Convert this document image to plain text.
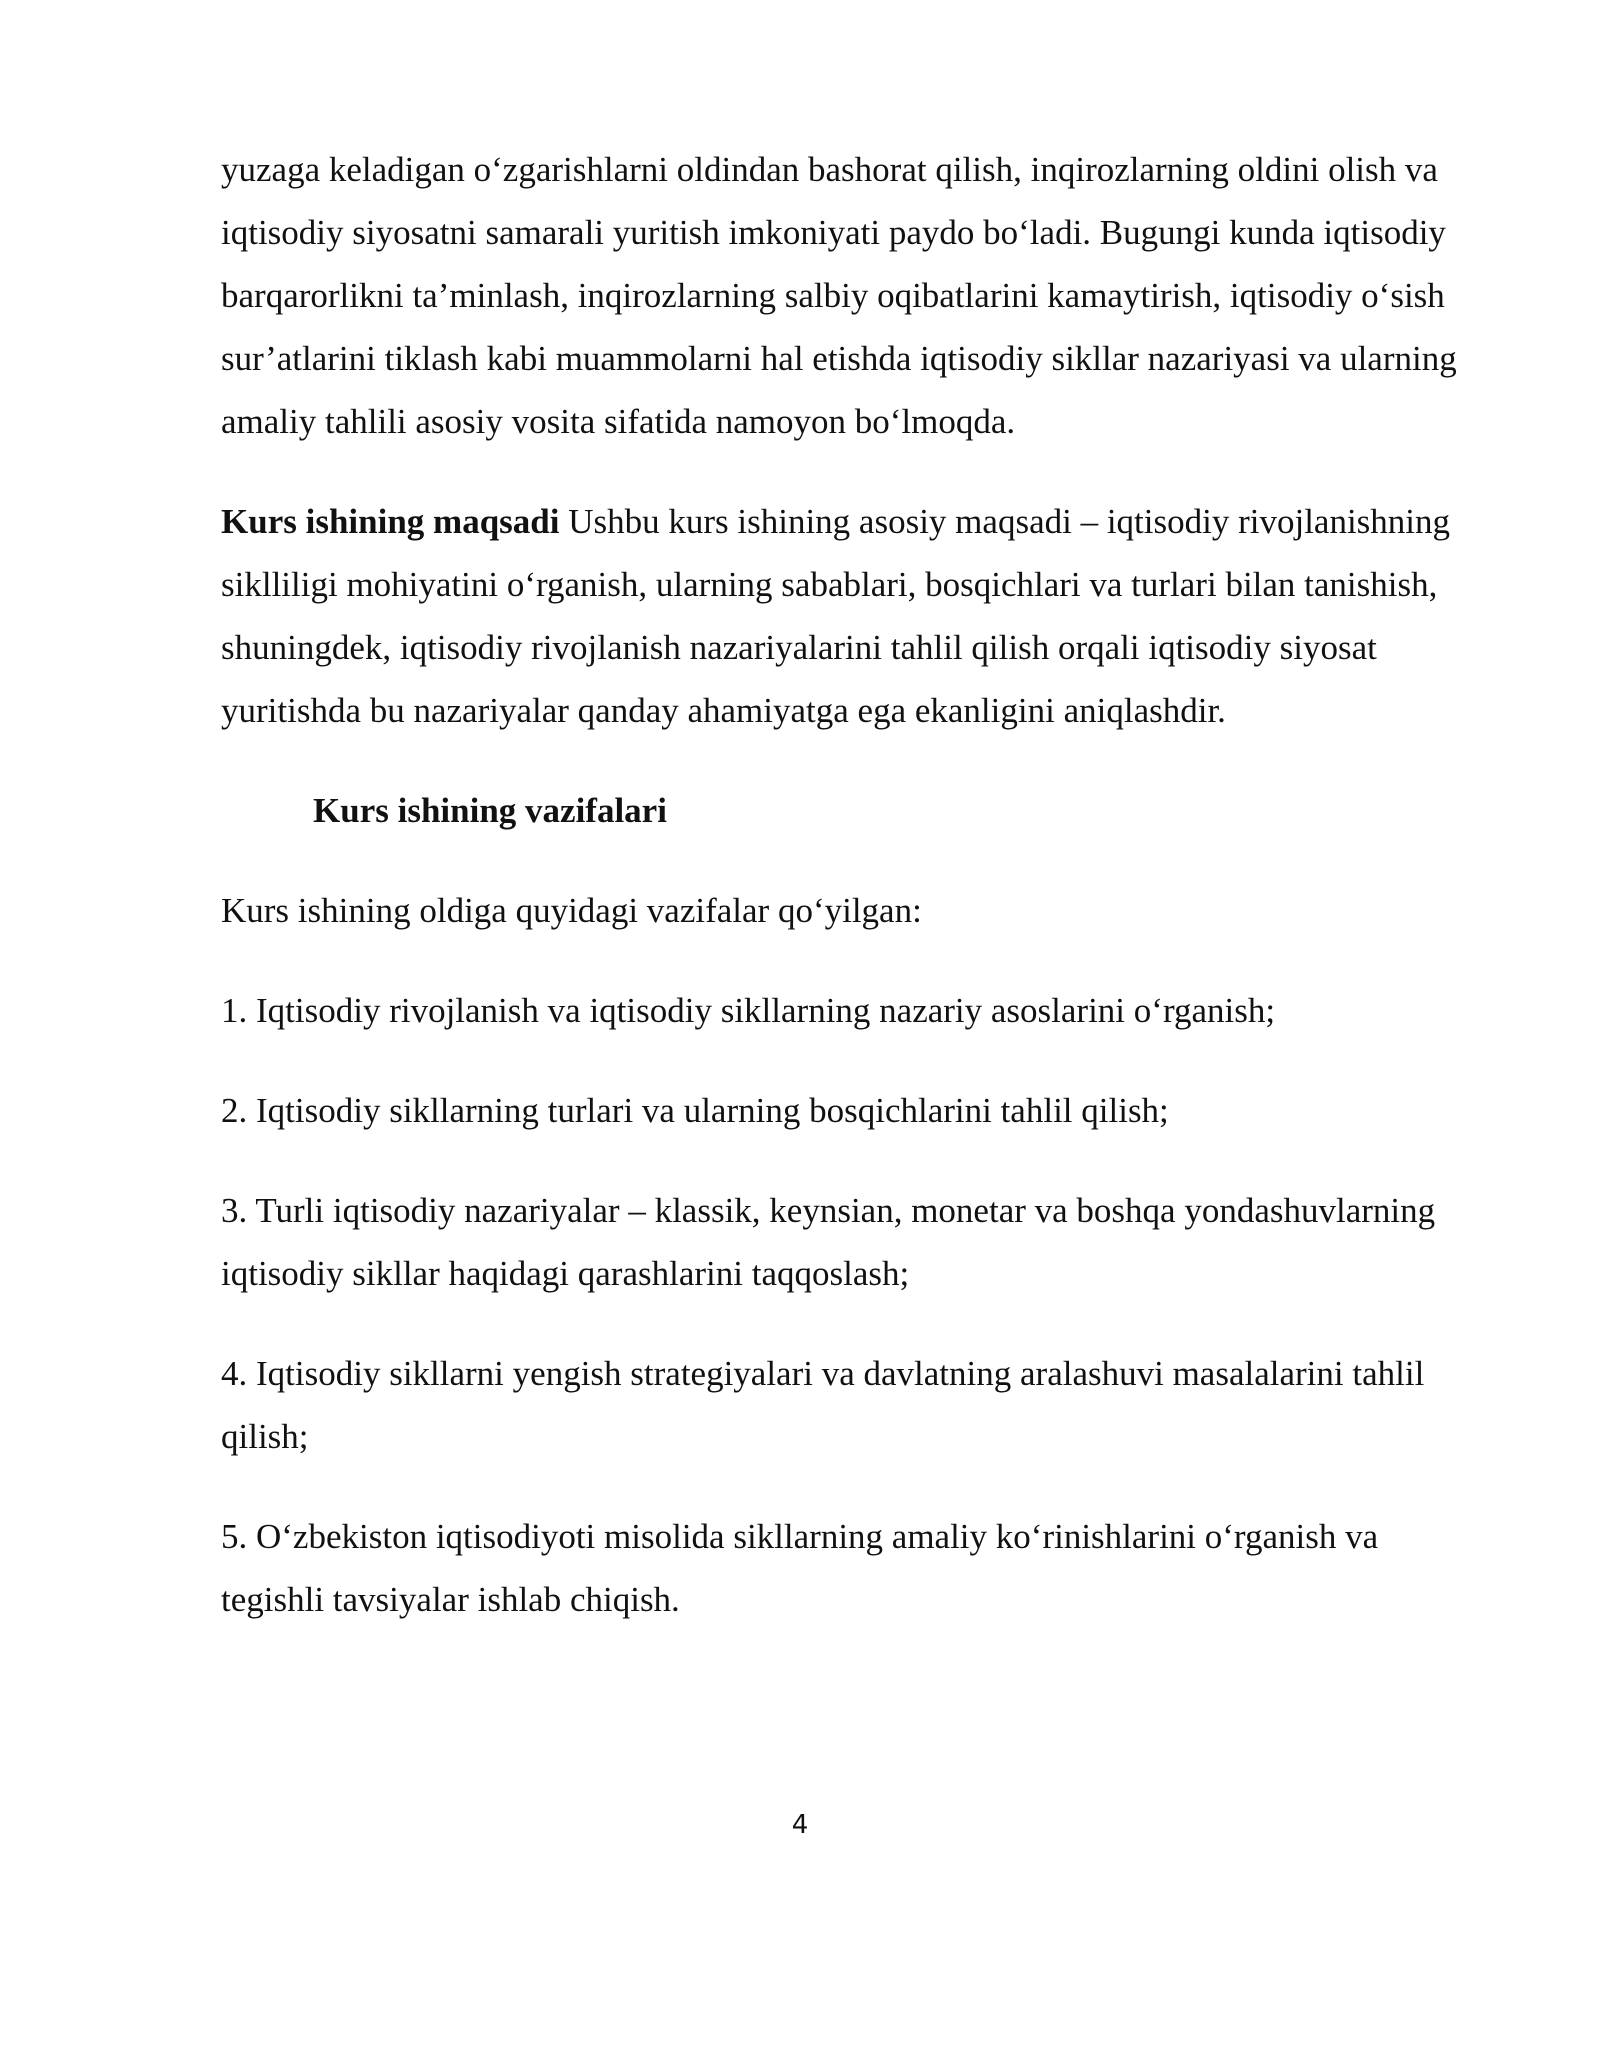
yuzaga keladigan o‘zgarishlarni oldindan bashorat qilish, inqirozlarning oldini olish va iqtisodiy siyosatni samarali yuritish imkoniyati paydo bo‘ladi. Bugungi kunda iqtisodiy barqarorlikni ta’minlash, inqirozlarning salbiy oqibatlarini kamaytirish, iqtisodiy o‘sish sur’atlarini tiklash kabi muammolarni hal etishda iqtisodiy sikllar nazariyasi va ularning amaliy tahlili asosiy vosita sifatida namoyon bo‘lmoqda.

Kurs ishining maqsadi Ushbu kurs ishining asosiy maqsadi – iqtisodiy rivojlanishning siklliligi mohiyatini o‘rganish, ularning sabablari, bosqichlari va turlari bilan tanishish, shuningdek, iqtisodiy rivojlanish nazariyalarini tahlil qilish orqali iqtisodiy siyosat yuritishda bu nazariyalar qanday ahamiyatga ega ekanligini aniqlashdir.

Kurs ishining vazifalari

Kurs ishining oldiga quyidagi vazifalar qo‘yilgan:

1. Iqtisodiy rivojlanish va iqtisodiy sikllarning nazariy asoslarini o‘rganish;

2. Iqtisodiy sikllarning turlari va ularning bosqichlarini tahlil qilish;

3. Turli iqtisodiy nazariyalar – klassik, keynsian, monetar va boshqa yondashuvlarning iqtisodiy sikllar haqidagi qarashlarini taqqoslash;

4. Iqtisodiy sikllarni yengish strategiyalari va davlatning aralashuvi masalalarini tahlil qilish;

5. O‘zbekiston iqtisodiyoti misolida sikllarning amaliy ko‘rinishlarini o‘rganish va tegishli tavsiyalar ishlab chiqish.

4
